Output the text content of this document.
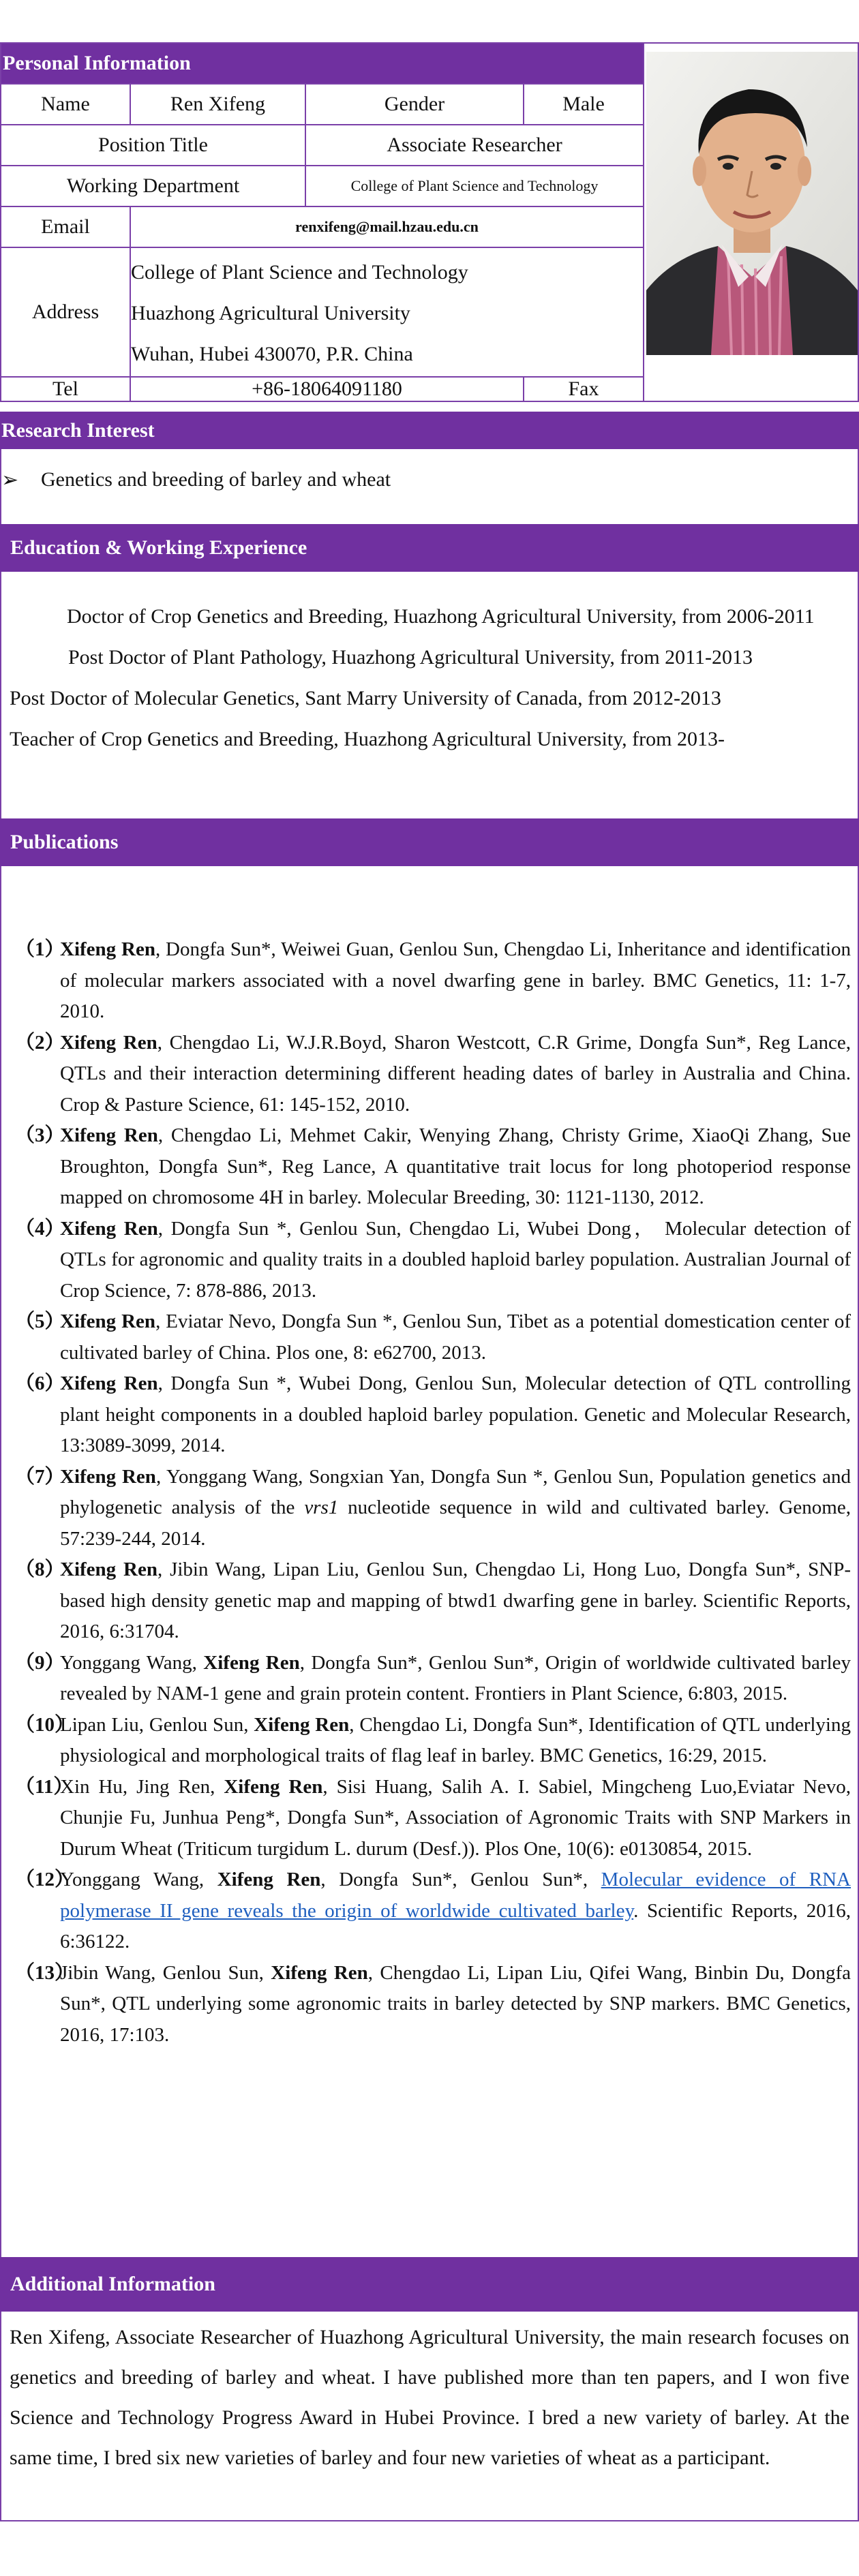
Personal Information	

Name	Ren Xifeng	Gender	Male	
Position Title		Associate Researcher		
Working Department		College of Plant Science and Technology		
Email	renxifeng@mail.hzau.edu.cn			
Address	College of Plant Science and Technology
Huazhong Agricultural University
Wuhan, Hubei 430070, P.R. China			

Tel	+86-18064091180		Fax	
Research Interest
➢ Genetics and breeding of barley and wheat
Education & Working Experience

Doctor of Crop Genetics and Breeding, Huazhong Agricultural University, from 2006-2011

Post Doctor of Plant Pathology, Huazhong Agricultural University, from 2011-2013

Post Doctor of Molecular Genetics, Sant Marry University of Canada, from 2012-2013

Teacher of Crop Genetics and Breeding, Huazhong Agricultural University, from 2013-

Publications
（1）
Xifeng Ren, Dongfa Sun*, Weiwei Guan, Genlou Sun, Chengdao Li, Inheritance and identification of molecular markers associated with a novel dwarfing gene in barley. BMC Genetics, 11: 1-7, 2010.
（2）
Xifeng Ren, Chengdao Li, W.J.R.Boyd, Sharon Westcott, C.R Grime, Dongfa Sun*, Reg Lance, QTLs and their interaction determining different heading dates of barley in Australia and China. Crop & Pasture Science, 61: 145-152, 2010.
（3）
Xifeng Ren, Chengdao Li, Mehmet Cakir, Wenying Zhang, Christy Grime, XiaoQi Zhang, Sue Broughton, Dongfa Sun*, Reg Lance, A quantitative trait locus for long photoperiod response mapped on chromosome 4H in barley. Molecular Breeding, 30: 1121-1130, 2012.
（4）
Xifeng Ren, Dongfa Sun *, Genlou Sun, Chengdao Li, Wubei Dong， Molecular detection of QTLs for agronomic and quality traits in a doubled haploid barley population. Australian Journal of Crop Science, 7: 878-886, 2013.
（5）
Xifeng Ren, Eviatar Nevo, Dongfa Sun *, Genlou Sun, Tibet as a potential domestication center of cultivated barley of China. Plos one, 8: e62700, 2013.
（6）
Xifeng Ren, Dongfa Sun *, Wubei Dong, Genlou Sun, Molecular detection of QTL controlling plant height components in a doubled haploid barley population. Genetic and Molecular Research, 13:3089-3099, 2014.
（7）
Xifeng Ren, Yonggang Wang, Songxian Yan, Dongfa Sun *, Genlou Sun, Population genetics and phylogenetic analysis of the vrs1 nucleotide sequence in wild and cultivated barley. Genome, 57:239-244, 2014.
（8）
Xifeng Ren, Jibin Wang, Lipan Liu, Genlou Sun, Chengdao Li, Hong Luo, Dongfa Sun*, SNP-based high density genetic map and mapping of btwd1 dwarfing gene in barley. Scientific Reports, 2016, 6:31704.
（9）
Yonggang Wang, Xifeng Ren, Dongfa Sun*, Genlou Sun*, Origin of worldwide cultivated barley revealed by NAM-1 gene and grain protein content. Frontiers in Plant Science, 6:803, 2015.
（10）
Lipan Liu, Genlou Sun, Xifeng Ren, Chengdao Li, Dongfa Sun*, Identification of QTL underlying physiological and morphological traits of flag leaf in barley. BMC Genetics, 16:29, 2015.
（11）
Xin Hu, Jing Ren, Xifeng Ren, Sisi Huang, Salih A. I. Sabiel, Mingcheng Luo,Eviatar Nevo, Chunjie Fu, Junhua Peng*, Dongfa Sun*, Association of Agronomic Traits with SNP Markers in Durum Wheat (Triticum turgidum L. durum (Desf.)). Plos One, 10(6): e0130854, 2015.
（12）
Yonggang Wang, Xifeng Ren, Dongfa Sun*, Genlou Sun*, Molecular evidence of RNA polymerase II gene reveals the origin of worldwide cultivated barley. Scientific Reports, 2016, 6:36122.
（13）
Jibin Wang, Genlou Sun, Xifeng Ren, Chengdao Li, Lipan Liu, Qifei Wang, Binbin Du, Dongfa Sun*, QTL underlying some agronomic traits in barley detected by SNP markers. BMC Genetics, 2016, 17:103.
Additional Information

Ren Xifeng, Associate Researcher of Huazhong Agricultural University, the main research focuses on genetics and breeding of barley and wheat. I have published more than ten papers, and I won five Science and Technology Progress Award in Hubei Province. I bred a new variety of barley. At the same time, I bred six new varieties of barley and four new varieties of wheat as a participant.
